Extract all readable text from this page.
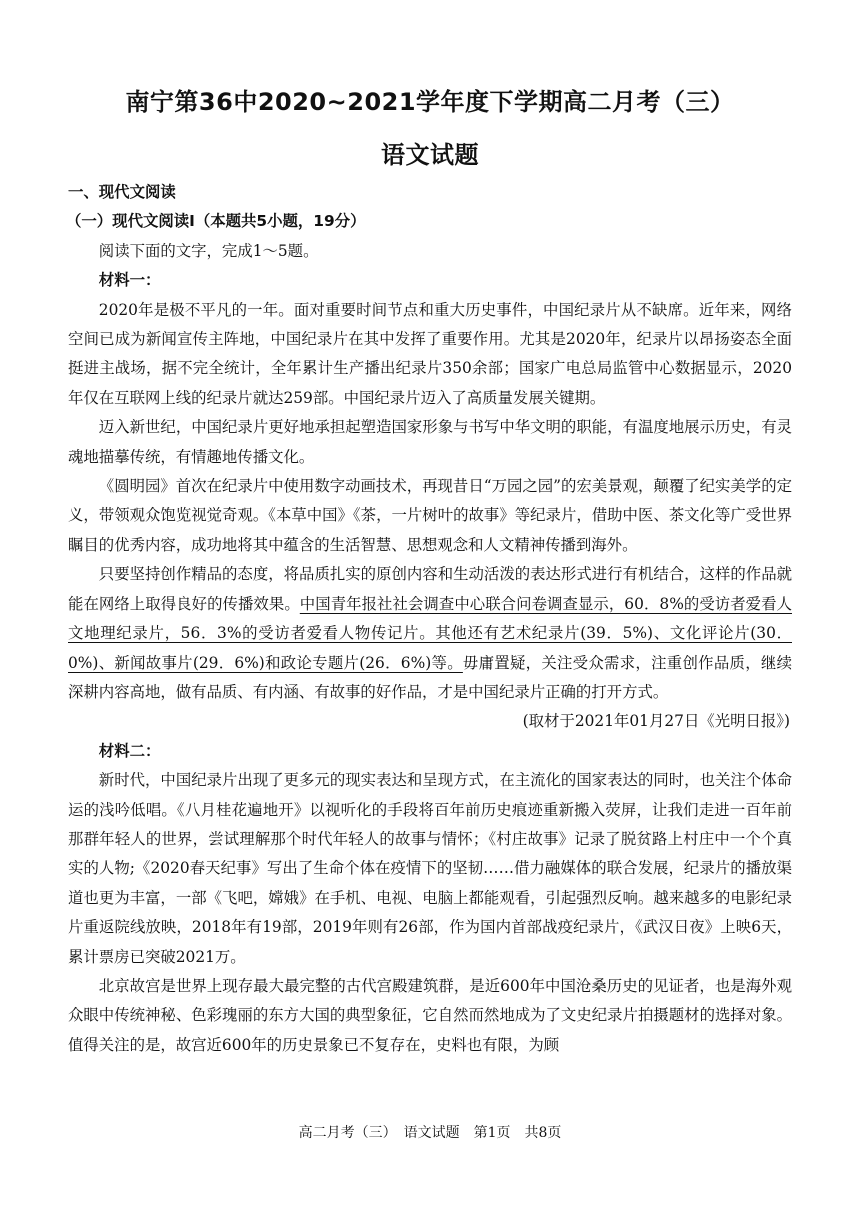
南宁第36中2020~2021学年度下学期高二月考（三）
语文试题
一、现代文阅读
（一）现代文阅读Ⅰ（本题共5小题，19分）
阅读下面的文字，完成1～5题。
材料一：

2020年是极不平凡的一年。面对重要时间节点和重大历史事件，中国纪录片从不缺席。近年来，网络空间已成为新闻宣传主阵地，中国纪录片在其中发挥了重要作用。尤其是2020年，纪录片以昂扬姿态全面挺进主战场，据不完全统计，全年累计生产播出纪录片350余部；国家广电总局监管中心数据显示，2020年仅在互联网上线的纪录片就达259部。中国纪录片迈入了高质量发展关键期。

迈入新世纪，中国纪录片更好地承担起塑造国家形象与书写中华文明的职能，有温度地展示历史，有灵魂地描摹传统，有情趣地传播文化。

《圆明园》首次在纪录片中使用数字动画技术，再现昔日“万园之园”的宏美景观，颠覆了纪实美学的定义，带领观众饱览视觉奇观。《本草中国》《茶，一片树叶的故事》等纪录片，借助中医、茶文化等广受世界瞩目的优秀内容，成功地将其中蕴含的生活智慧、思想观念和人文精神传播到海外。

只要坚持创作精品的态度，将品质扎实的原创内容和生动活泼的表达形式进行有机结合，这样的作品就能在网络上取得良好的传播效果。中国青年报社社会调查中心联合问卷调查显示，60．8%的受访者爱看人文地理纪录片，56．3%的受访者爱看人物传记片。其他还有艺术纪录片(39．5%)、文化评论片(30．0%)、新闻故事片(29．6%)和政论专题片(26．6%)等。毋庸置疑，关注受众需求，注重创作品质，继续深耕内容高地，做有品质、有内涵、有故事的好作品，才是中国纪录片正确的打开方式。

(取材于2021年01月27日《光明日报》)
材料二：

新时代，中国纪录片出现了更多元的现实表达和呈现方式，在主流化的国家表达的同时，也关注个体命运的浅吟低唱。《八月桂花遍地开》以视听化的手段将百年前历史痕迹重新搬入荧屏，让我们走进一百年前那群年轻人的世界，尝试理解那个时代年轻人的故事与情怀；《村庄故事》记录了脱贫路上村庄中一个个真实的人物;《2020春天纪事》写出了生命个体在疫情下的坚韧……借力融媒体的联合发展，纪录片的播放渠道也更为丰富，一部《飞吧，嫦娥》在手机、电视、电脑上都能观看，引起强烈反响。越来越多的电影纪录片重返院线放映，2018年有19部，2019年则有26部，作为国内首部战疫纪录片，《武汉日夜》上映6天，累计票房已突破2021万。

北京故宫是世界上现存最大最完整的古代宫殿建筑群，是近600年中国沧桑历史的见证者，也是海外观众眼中传统神秘、色彩瑰丽的东方大国的典型象征，它自然而然地成为了文史纪录片拍摄题材的选择对象。值得关注的是，故宫近600年的历史景象已不复存在，史料也有限，为顾

高二月考（三）　语文试题　第1页　共8页
